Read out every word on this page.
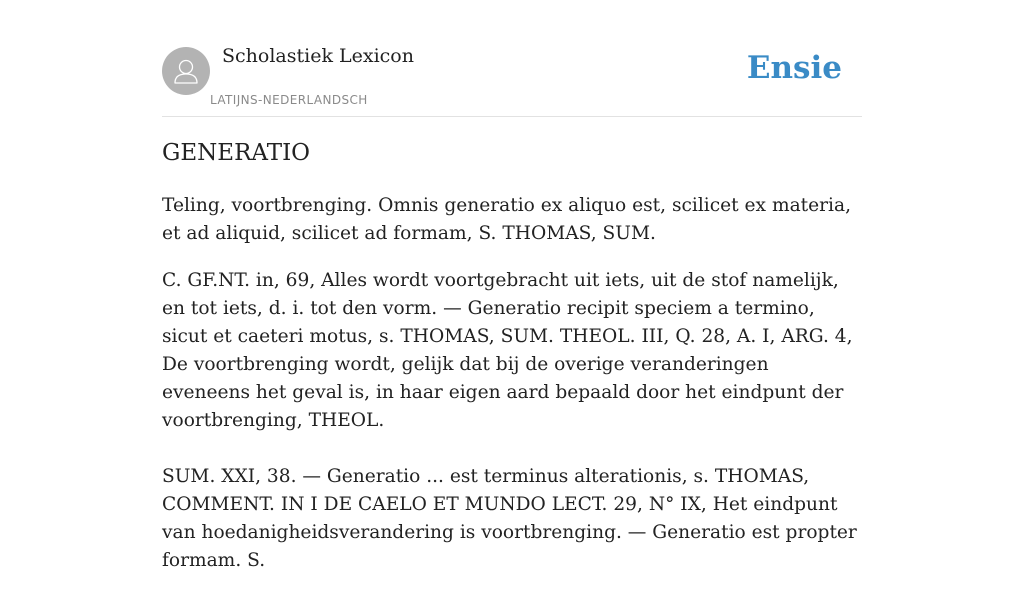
Scholastiek Lexicon
LATIJNS-NEDERLANDSCH
Ensie
GENERATIO

Teling, voortbrenging. Omnis generatio ex aliquo est, scilicet ex materia, et ad aliquid, scilicet ad formam, S. THOMAS, SUM.

C. GF.NT. in, 69, Alles wordt voortgebracht uit iets, uit de stof namelijk, en tot iets, d. i. tot den vorm. — Generatio recipit speciem a termino, sicut et caeteri motus, s. THOMAS, SUM. THEOL. III, Q. 28, A. I, ARG. 4, De voortbrenging wordt, gelijk dat bij de overige veranderingen eveneens het geval is, in haar eigen aard bepaald door het eindpunt der voortbrenging, THEOL.

SUM. XXI, 38. — Generatio ... est terminus alterationis, s. THOMAS, COMMENT. IN I DE CAELO ET MUNDO LECT. 29, N° IX, Het eindpunt van hoedanigheidsverandering is voortbrenging. — Generatio est propter formam. S.
